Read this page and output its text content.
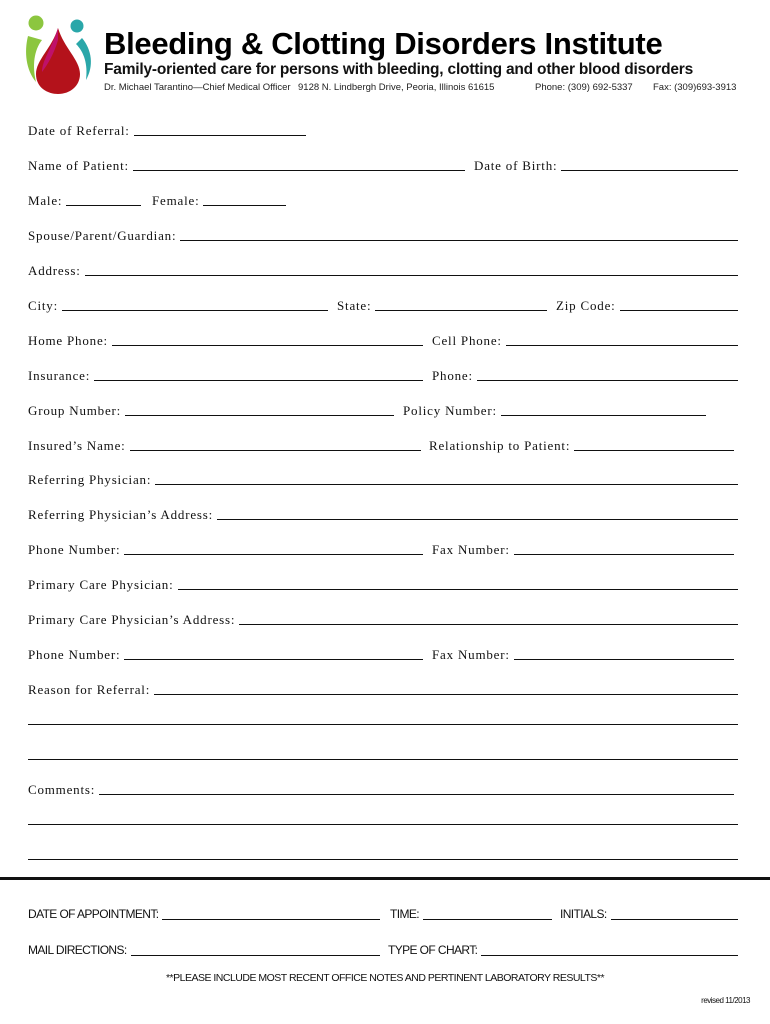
Bleeding & Clotting Disorders Institute
Family-oriented care for persons with bleeding, clotting and other blood disorders
Dr. Michael Tarantino—Chief Medical Officer 9128 N. Lindbergh Drive, Peoria, Illinois 61615	Phone: (309) 692-5337 Fax: (309)693-3913
Date of Referral:
Name of Patient:	Date of Birth:
Male:	Female:
Spouse/Parent/Guardian:
Address:
City:	State:	Zip Code:
Home Phone:	Cell Phone:
Insurance:	Phone:
Group Number:	Policy Number:
Insured’s Name:	Relationship to Patient:
Referring Physician:
Referring Physician’s Address:
Phone Number:	Fax Number:
Primary Care Physician:
Primary Care Physician’s Address:
Phone Number:	Fax Number:
Reason for Referral:
Comments:
DATE OF APPOINTMENT:	TIME:	INITIALS:
MAIL DIRECTIONS:	TYPE OF CHART:
**PLEASE INCLUDE MOST RECENT OFFICE NOTES AND PERTINENT LABORATORY RESULTS**
revised 11/2013
